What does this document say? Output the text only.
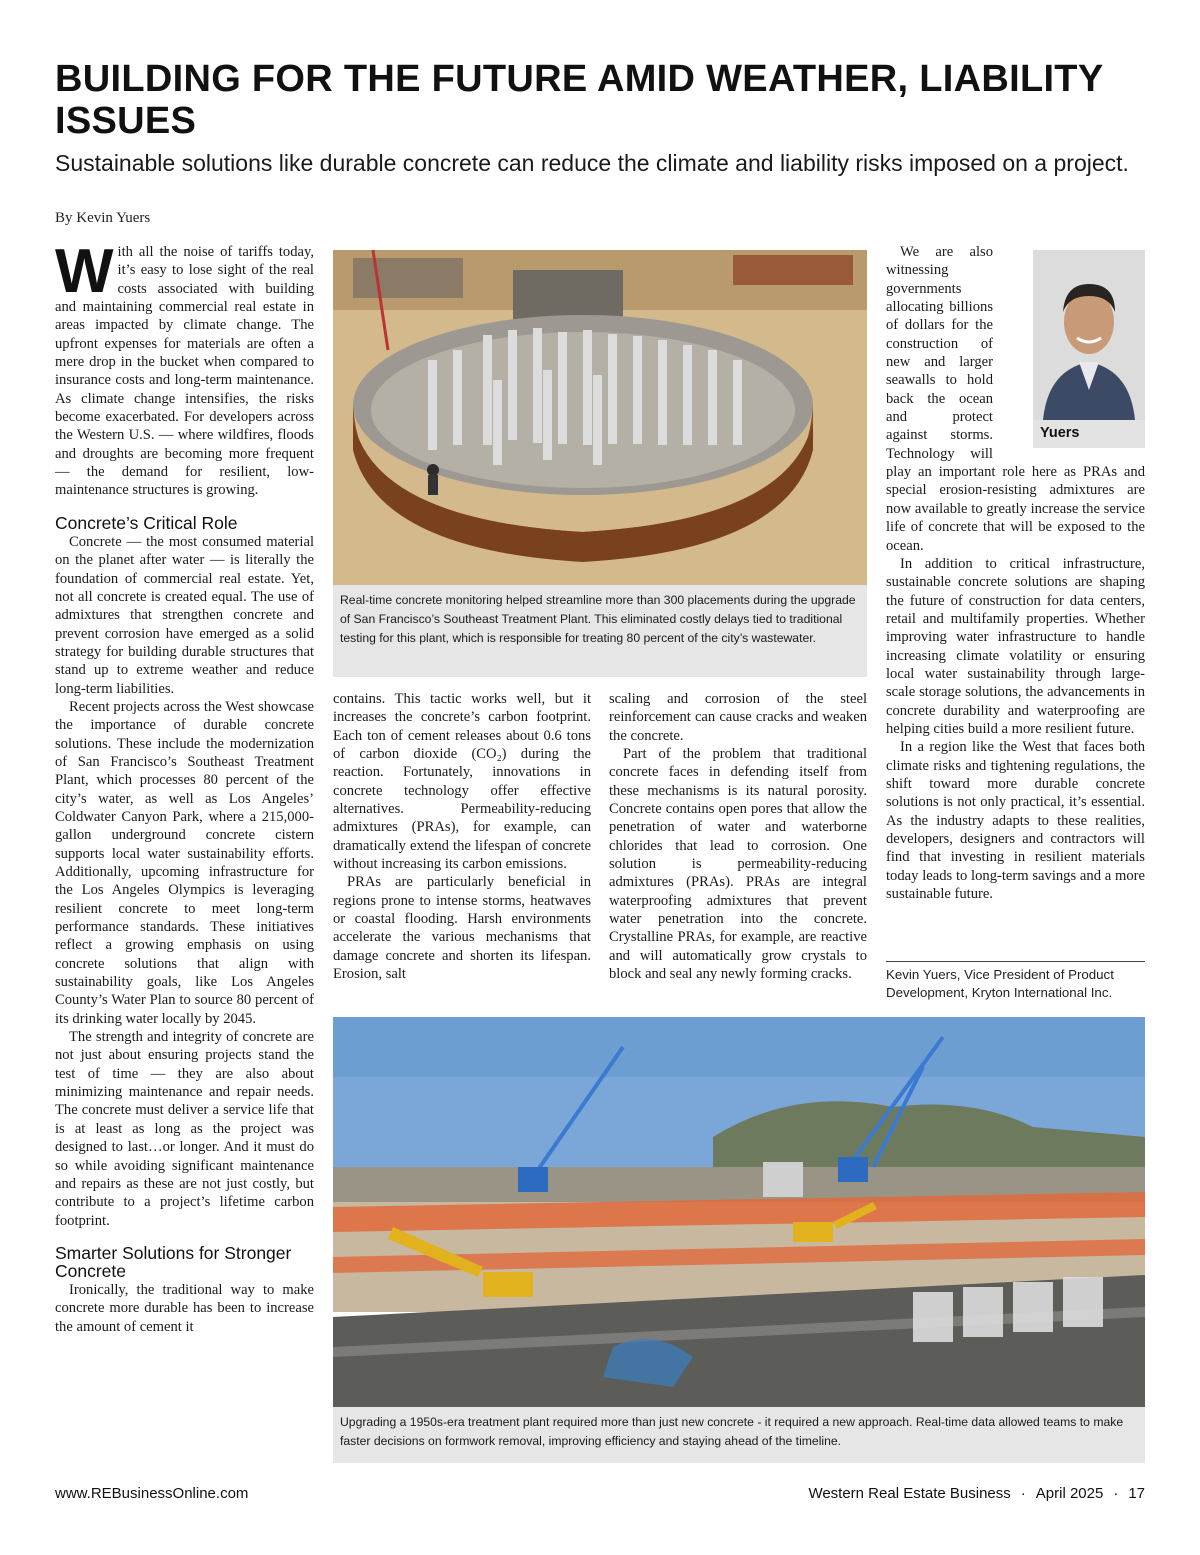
BUILDING FOR THE FUTURE AMID WEATHER, LIABILITY ISSUES
Sustainable solutions like durable concrete can reduce the climate and liability risks imposed on a project.
By Kevin Yuers

With all the noise of tariffs today, it’s easy to lose sight of the real costs associated with building and maintaining commercial real estate in areas impacted by climate change. The upfront expenses for materials are often a mere drop in the bucket when compared to insurance costs and long-term maintenance. As climate change intensifies, the risks become exacerbated. For developers across the Western U.S. — where wildfires, floods and droughts are becoming more frequent — the demand for resilient, low-maintenance structures is growing.

Concrete’s Critical Role

Concrete — the most consumed material on the planet after water — is literally the foundation of commercial real estate. Yet, not all concrete is created equal. The use of admixtures that strengthen concrete and prevent corrosion have emerged as a solid strategy for building durable structures that stand up to extreme weather and reduce long-term liabilities.

Recent projects across the West showcase the importance of durable concrete solutions. These include the modernization of San Francisco’s Southeast Treatment Plant, which processes 80 percent of the city’s water, as well as Los Angeles’ Coldwater Canyon Park, where a 215,000-gallon underground concrete cistern supports local water sustainability efforts. Additionally, upcoming infrastructure for the Los Angeles Olympics is leveraging resilient concrete to meet long-term performance standards. These initiatives reflect a growing emphasis on using concrete solutions that align with sustainability goals, like Los Angeles County’s Water Plan to source 80 percent of its drinking water locally by 2045.

The strength and integrity of concrete are not just about ensuring projects stand the test of time — they are also about minimizing maintenance and repair needs. The concrete must deliver a service life that is at least as long as the project was designed to last…or longer. And it must do so while avoiding significant maintenance and repairs as these are not just costly, but contribute to a project’s lifetime carbon footprint.

Smarter Solutions for Stronger Concrete

Ironically, the traditional way to make concrete more durable has been to increase the amount of cement it

Real-time concrete monitoring helped streamline more than 300 placements during the upgrade of San Francisco’s Southeast Treatment Plant. This eliminated costly delays tied to traditional testing for this plant, which is responsible for treating 80 percent of the city’s wastewater.

contains. This tactic works well, but it increases the concrete’s carbon footprint. Each ton of cement releases about 0.6 tons of carbon dioxide (CO₂) during the reaction. Fortunately, innovations in concrete technology offer effective alternatives. Permeability-reducing admixtures (PRAs), for example, can dramatically extend the lifespan of concrete without increasing its carbon emissions.

PRAs are particularly beneficial in regions prone to intense storms, heatwaves or coastal flooding. Harsh environments accelerate the various mechanisms that damage concrete and shorten its lifespan. Erosion, salt

scaling and corrosion of the steel reinforcement can cause cracks and weaken the concrete.

Part of the problem that traditional concrete faces in defending itself from these mechanisms is its natural porosity. Concrete contains open pores that allow the penetration of water and waterborne chlorides that lead to corrosion. One solution is permeability-reducing admixtures (PRAs). PRAs are integral waterproofing admixtures that prevent water penetration into the concrete. Crystalline PRAs, for example, are reactive and will automatically grow crystals to block and seal any newly forming cracks.

Yuers

We are also witnessing governments allocating billions of dollars for the construction of new and larger seawalls to hold back the ocean and protect against storms. Technology will play an important role here as PRAs and special erosion-resisting admixtures are now available to greatly increase the service life of concrete that will be exposed to the ocean.

In addition to critical infrastructure, sustainable concrete solutions are shaping the future of construction for data centers, retail and multifamily properties. Whether improving water infrastructure to handle increasing climate volatility or ensuring local water sustainability through large-scale storage solutions, the advancements in concrete durability and waterproofing are helping cities build a more resilient future.

In a region like the West that faces both climate risks and tightening regulations, the shift toward more durable concrete solutions is not only practical, it’s essential. As the industry adapts to these realities, developers, designers and contractors will find that investing in resilient materials today leads to long-term savings and a more sustainable future.

Kevin Yuers, Vice President of Product Development, Kryton International Inc.
Upgrading a 1950s-era treatment plant required more than just new concrete - it required a new approach. Real-time data allowed teams to make faster decisions on formwork removal, improving efficiency and staying ahead of the timeline.
www.REBusinessOnline.com	Western Real Estate Business · April 2025 · 17
